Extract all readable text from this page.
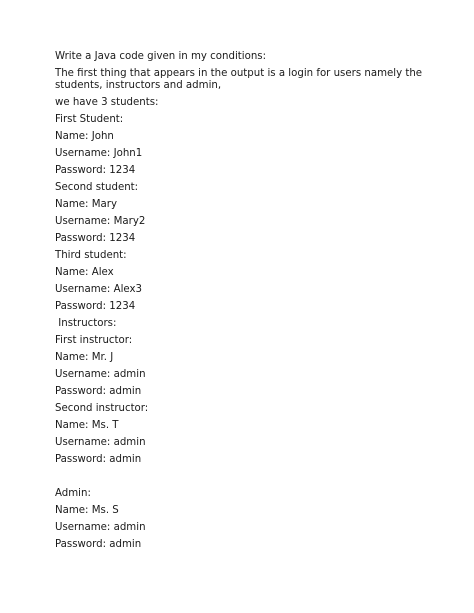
Write a Java code given in my conditions:

The first thing that appears in the output is a login for users namely the students, instructors and admin,

we have 3 students:

First Student:

Name: John

Username: John1

Password: 1234

Second student:

Name: Mary

Username: Mary2

Password: 1234

Third student:

Name: Alex

Username: Alex3

Password: 1234

Instructors:

First instructor:

Name: Mr. J

Username: admin

Password: admin

Second instructor:

Name: Ms. T

Username: admin

Password: admin

Admin:

Name: Ms. S

Username: admin

Password: admin
